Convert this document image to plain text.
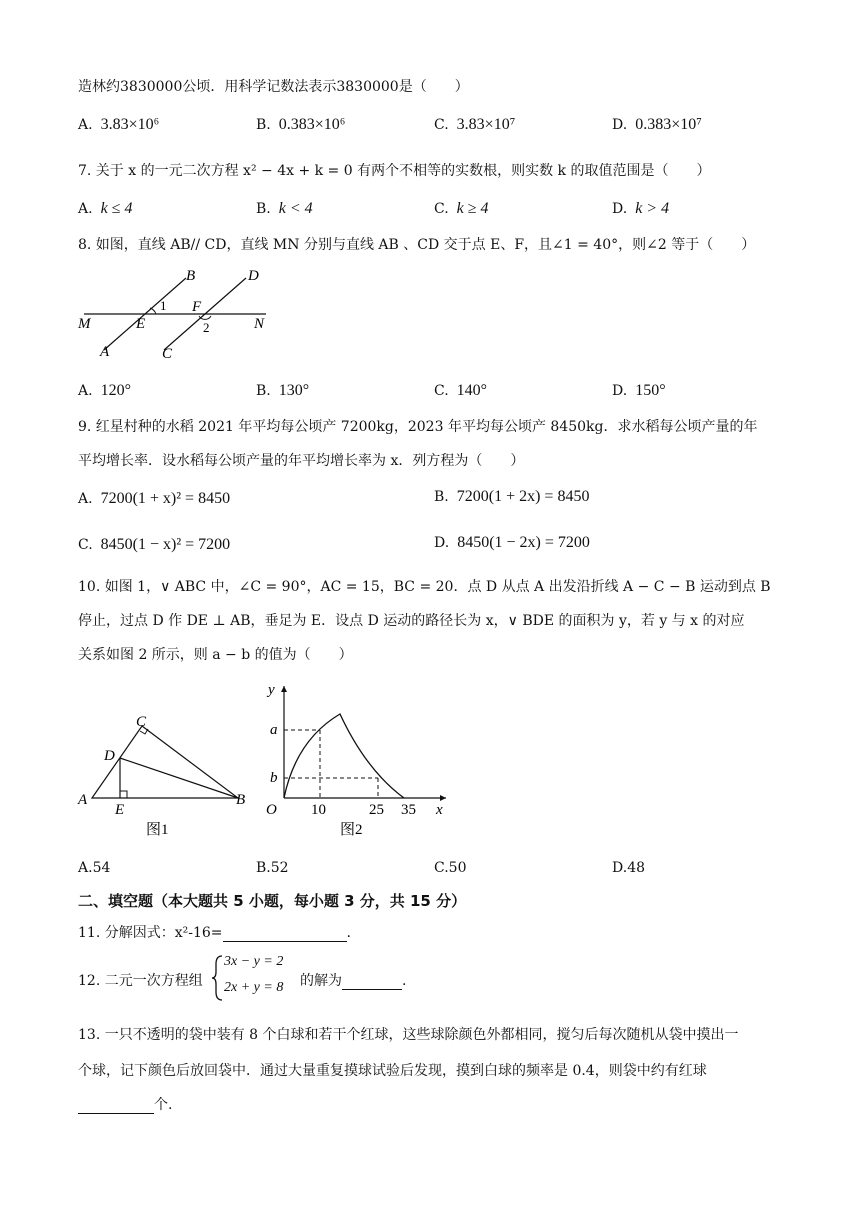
造林约3830000公顷．用科学记数法表示3830000是（　　）
A. 3.83×10⁶	B. 0.383×10⁶	C. 3.83×10⁷	D. 0.383×10⁷
7. 关于 x 的一元二次方程 x² − 4x + k = 0 有两个不相等的实数根，则实数 k 的取值范围是（　　）
A. k ≤ 4	B. k < 4	C. k ≥ 4	D. k > 4
8. 如图，直线 AB// CD，直线 MN 分别与直线 AB 、CD 交于点 E、F，且∠1 = 40°，则∠2 等于（　　）
B	D
M	E
F
N
A	C
1
2
A. 120°	B. 130°	C. 140°	D. 150°
9. 红星村种的水稻 2021 年平均每公顷产 7200kg，2023 年平均每公顷产 8450kg．求水稻每公顷产量的年
平均增长率．设水稻每公顷产量的年平均增长率为 x．列方程为（　　）
A. 7200(1 + x)² = 8450	B. 7200(1 + 2x) = 8450
C. 8450(1 − x)² = 7200	D. 8450(1 − 2x) = 7200
10. 如图 1，∨ ABC 中，∠C = 90°，AC = 15，BC = 20．点 D 从点 A 出发沿折线 A − C − B 运动到点 B
停止，过点 D 作 DE ⊥ AB，垂足为 E．设点 D 运动的路径长为 x，∨ BDE 的面积为 y，若 y 与 x 的对应
关系如图 2 所示，则 a − b 的值为（　　）
C
D
A
E
B
图1
y
a
b
O 10	25 35 x
图2
A.54	B.52	C.50	D.48
二、填空题（本大题共 5 小题，每小题 3 分，共 15 分）
11. 分解因式：x²-16=	.
12. 二元一次方程组
3x − y = 2
2x + y = 8 的解为	.
13. 一只不透明的袋中装有 8 个白球和若干个红球，这些球除颜色外都相同，搅匀后每次随机从袋中摸出一
个球，记下颜色后放回袋中．通过大量重复摸球试验后发现，摸到白球的频率是 0.4，则袋中约有红球
个.
